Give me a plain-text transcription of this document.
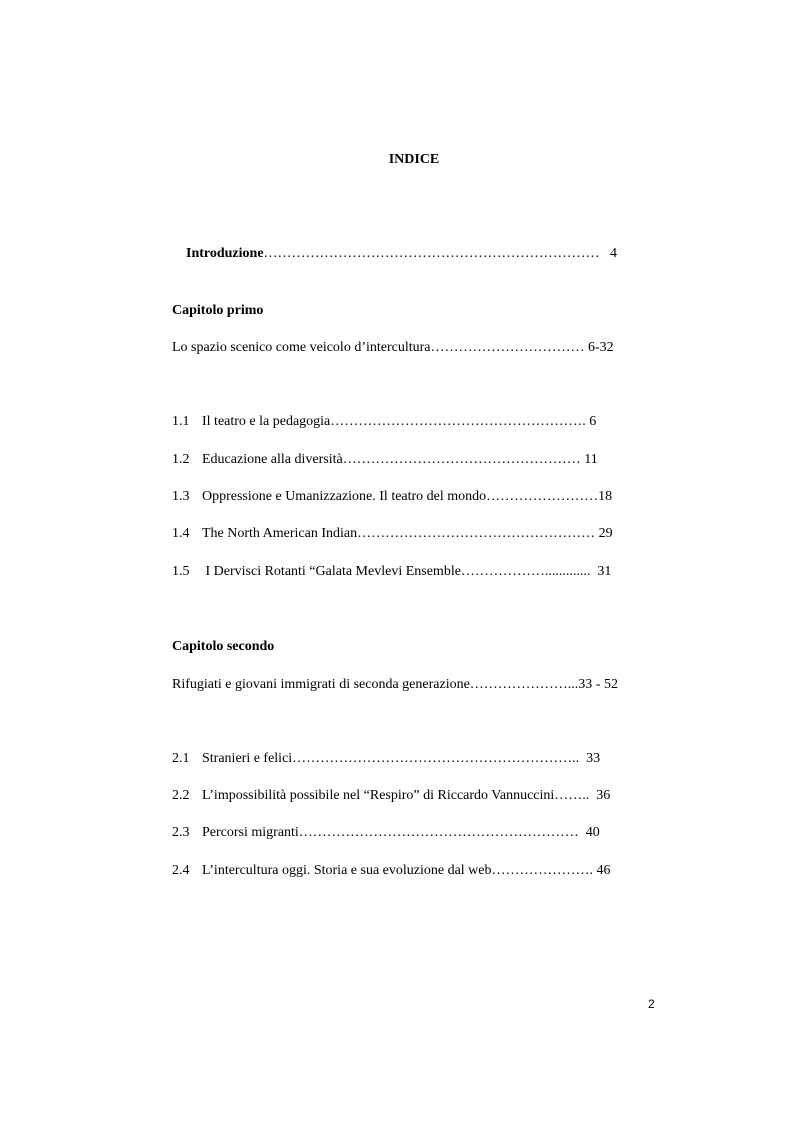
INDICE

Introduzione………………………………………………………………   4

Capitolo primo
Lo spazio scenico come veicolo d’intercultura…………………………… 6-32
1.1 Il teatro e la pedagogia………………………………………………. 6
1.2 Educazione alla diversità…………………………………………… 11
1.3 Oppressione e Umanizzazione. Il teatro del mondo……………………18
1.4 The North American Indian…………………………………………… 29
1.5 I Dervisci Rotanti “Galata Mevlevi Ensemble……………….............  31
Capitolo secondo
Rifugiati e giovani immigrati di seconda generazione…………………...33 - 52
2.1 Stranieri e felici……………………………………………………..  33
2.2 L’impossibilità possibile nel “Respiro” di Riccardo Vannuccini……..  36
2.3 Percorsi migranti……………………………………………………  40
2.4 L’intercultura oggi. Storia e sua evoluzione dal web…………………. 46
2
